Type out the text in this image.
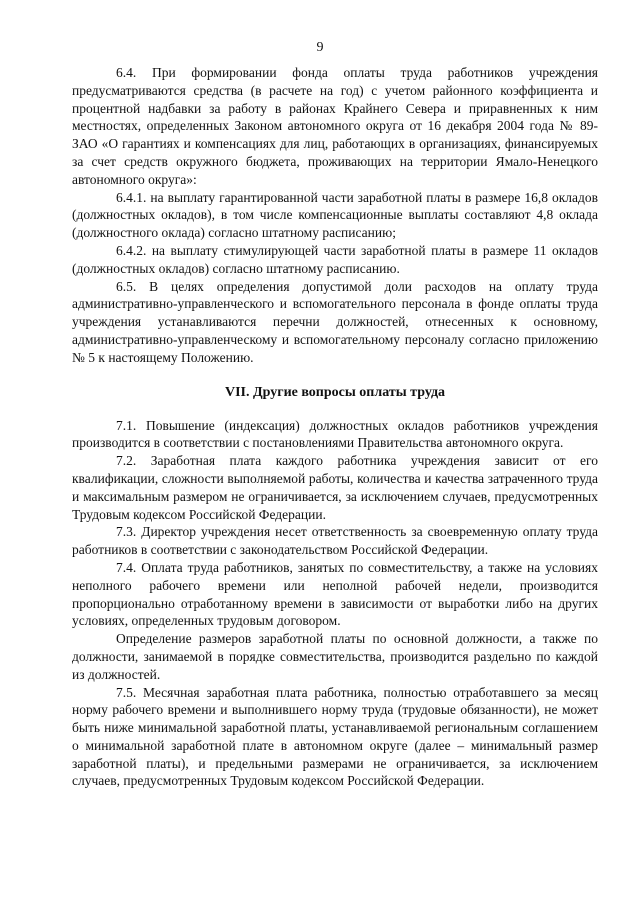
9

6.4. При формировании фонда оплаты труда работников учреждения предусматриваются средства (в расчете на год) с учетом районного коэффициента и процентной надбавки за работу в районах Крайнего Севера и приравненных к ним местностях, определенных Законом автономного округа от 16 декабря 2004 года № 89-ЗАО «О гарантиях и компенсациях для лиц, работающих в организациях, финансируемых за счет средств окружного бюджета, проживающих на территории Ямало-Ненецкого автономного округа»:

6.4.1. на выплату гарантированной части заработной платы в размере 16,8 окладов (должностных окладов), в том числе компенсационные выплаты составляют 4,8 оклада (должностного оклада) согласно штатному расписанию;

6.4.2. на выплату стимулирующей части заработной платы в размере 11 окладов (должностных окладов) согласно штатному расписанию.

6.5. В целях определения допустимой доли расходов на оплату труда административно-управленческого и вспомогательного персонала в фонде оплаты труда учреждения устанавливаются перечни должностей, отнесенных к основному, административно-управленческому и вспомогательному персоналу согласно приложению № 5 к настоящему Положению.

VII. Другие вопросы оплаты труда

7.1. Повышение (индексация) должностных окладов работников учреждения производится в соответствии с постановлениями Правительства автономного округа.

7.2. Заработная плата каждого работника учреждения зависит от его квалификации, сложности выполняемой работы, количества и качества затраченного труда и максимальным размером не ограничивается, за исключением случаев, предусмотренных Трудовым кодексом Российской Федерации.

7.3. Директор учреждения несет ответственность за своевременную оплату труда работников в соответствии с законодательством Российской Федерации.

7.4. Оплата труда работников, занятых по совместительству, а также на условиях неполного рабочего времени или неполной рабочей недели, производится пропорционально отработанному времени в зависимости от выработки либо на других условиях, определенных трудовым договором.

Определение размеров заработной платы по основной должности, а также по должности, занимаемой в порядке совместительства, производится раздельно по каждой из должностей.

7.5. Месячная заработная плата работника, полностью отработавшего за месяц норму рабочего времени и выполнившего норму труда (трудовые обязанности), не может быть ниже минимальной заработной платы, устанавливаемой региональным соглашением о минимальной заработной плате в автономном округе (далее – минимальный размер заработной платы), и предельными размерами не ограничивается, за исключением случаев, предусмотренных Трудовым кодексом Российской Федерации.
